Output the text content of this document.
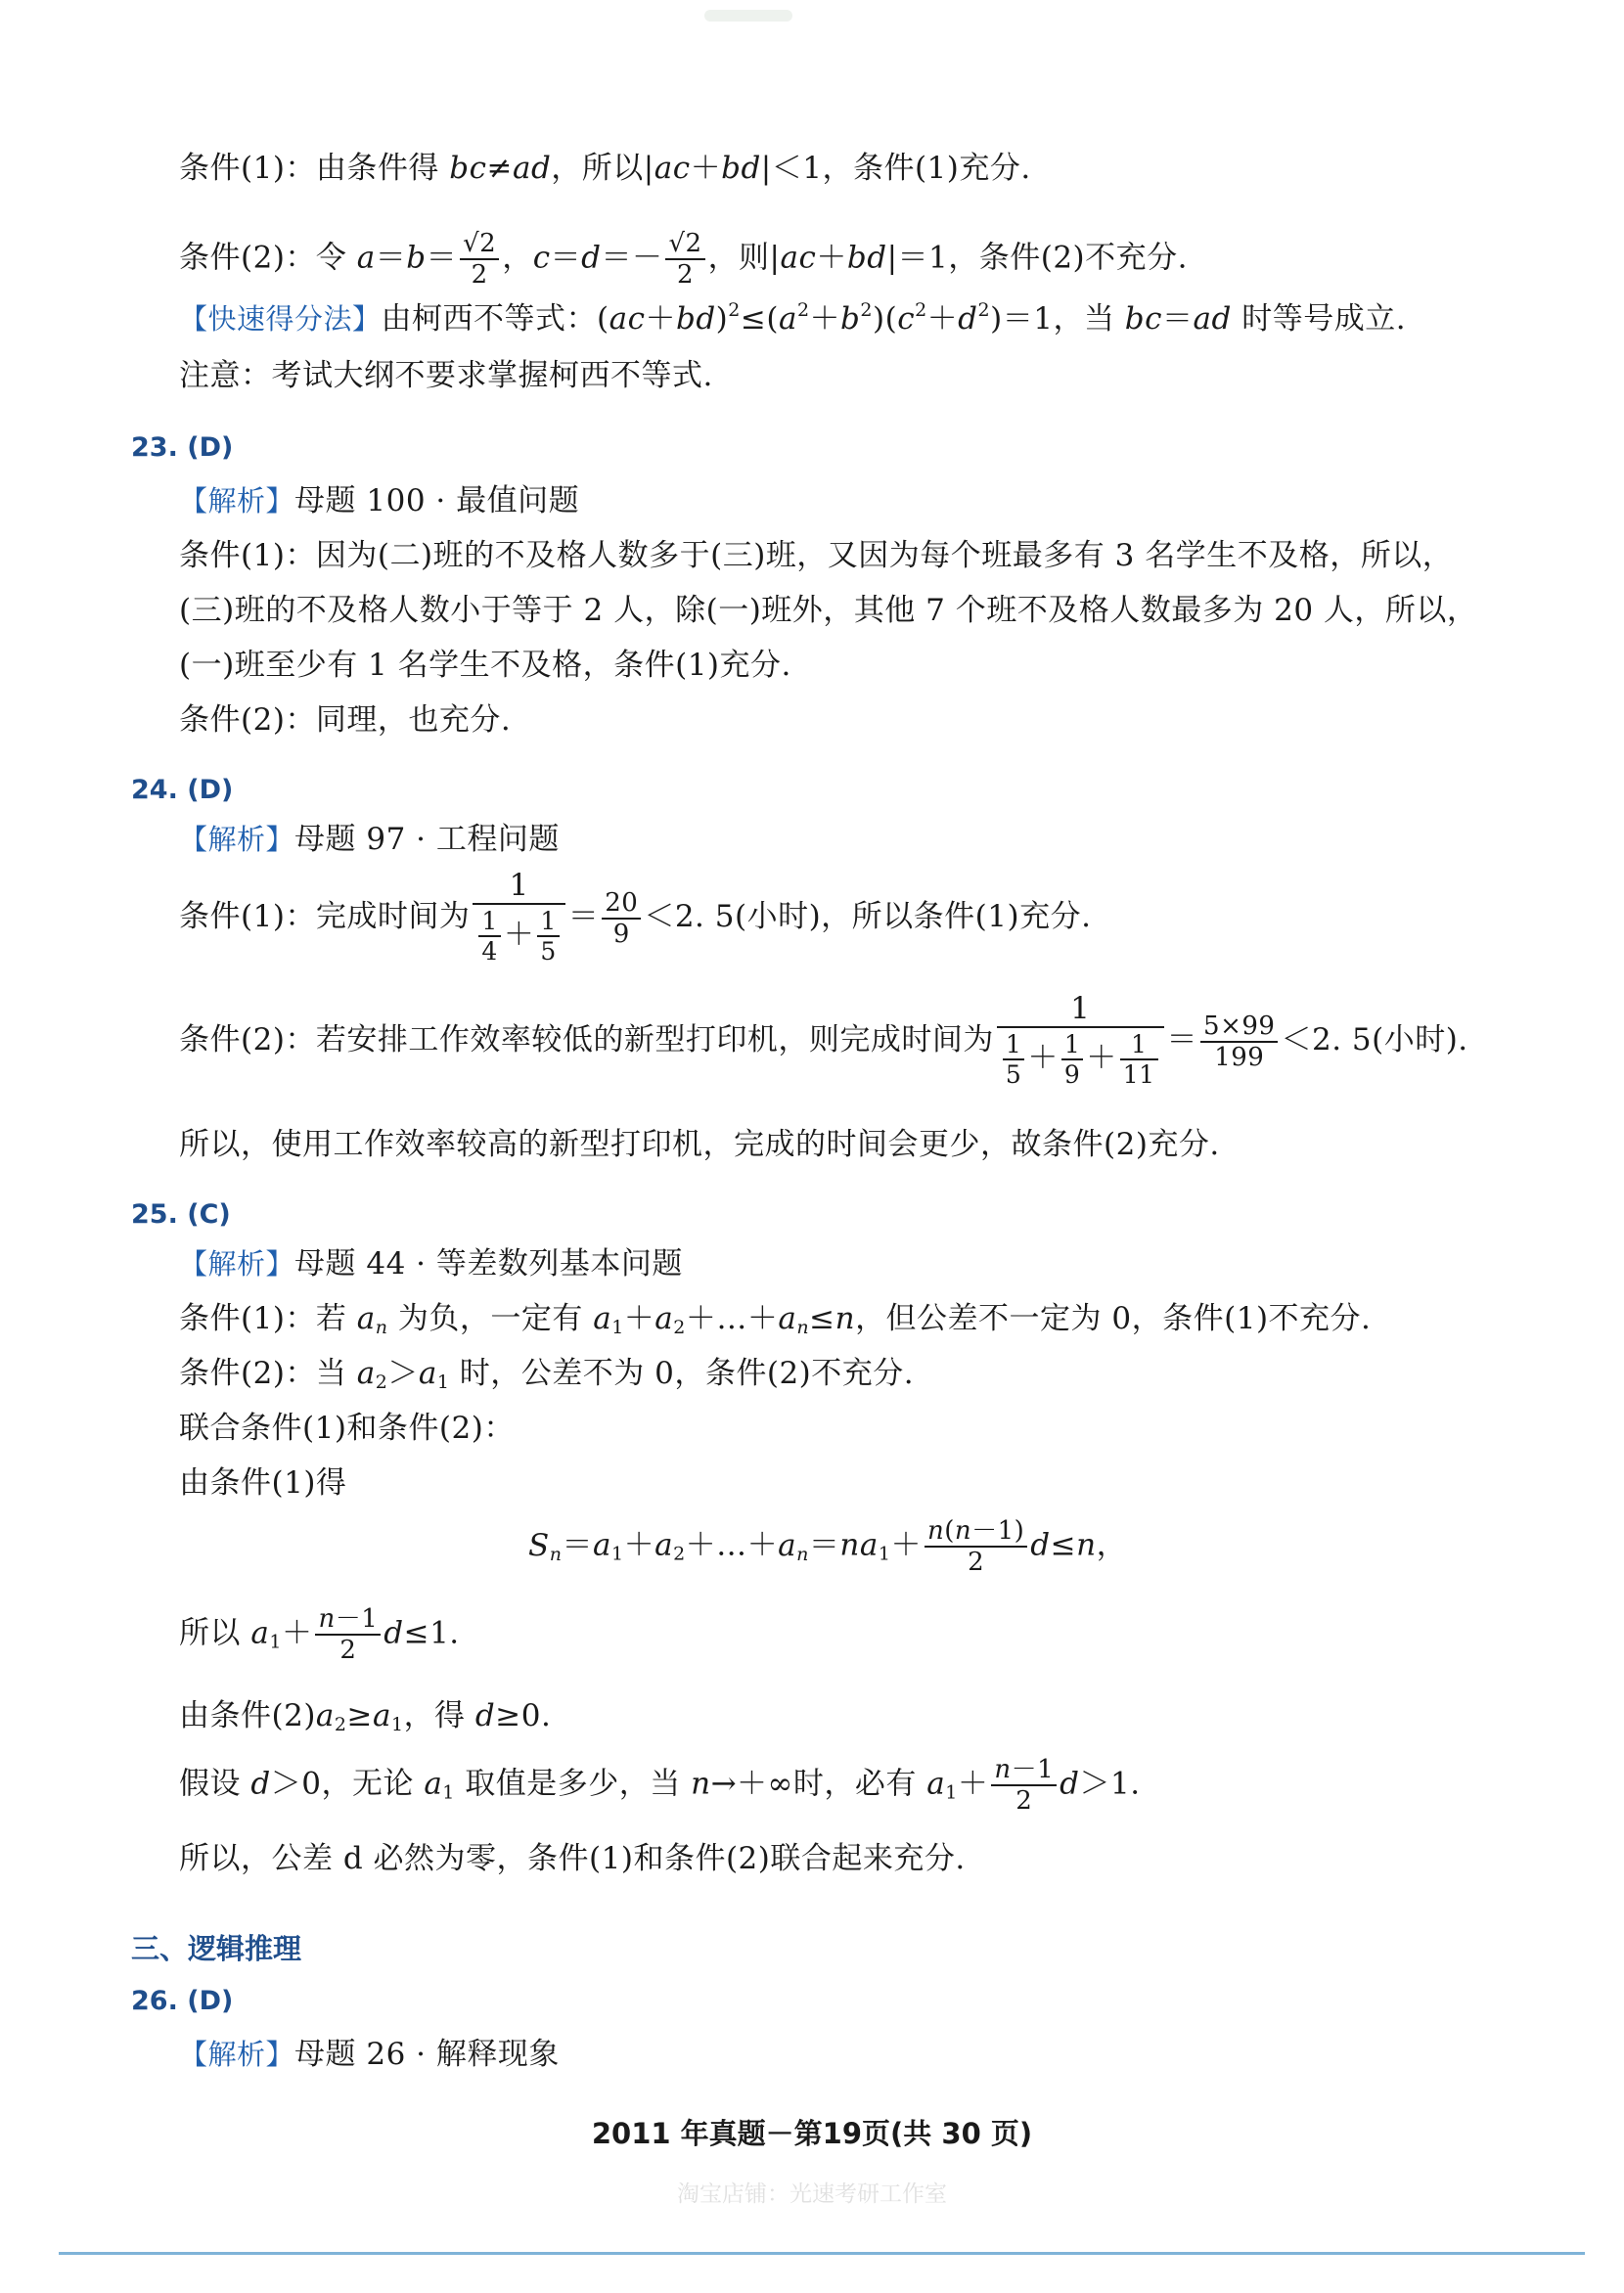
条件(1)：由条件得 bc≠ad，所以|ac＋bd|＜1，条件(1)充分.
条件(2)：令 $a=b= \frac{√2}{2}$ ，$c=d=- \frac{√2}{2}$ ，则|ac＋bd|＝1，条件(2)不充分.
【快速得分法】由柯西不等式：$(ac+bd)^2\le(a^2+b^2)(c^2+d^2)=1$，当 bc＝ad 时等号成立.
注意：考试大纲不要求掌握柯西不等式.
23. (D)
【解析】母题 100 · 最值问题
条件(1)：因为(二)班的不及格人数多于(三)班，又因为每个班最多有 3 名学生不及格，所以，
(三)班的不及格人数小于等于 2 人，除(一)班外，其他 7 个班不及格人数最多为 20 人，所以，
(一)班至少有 1 名学生不及格，条件(1)充分.
条件(2)：同理，也充分.
24. (D)
【解析】母题 97 · 工程问题
条件(1)：完成时间为 $\frac{1}{\frac{1}{4} + \frac{1}{5}} = \frac{20}{9} <2$. 5(小时)，所以条件(1)充分.
条件(2)：若安排工作效率较低的新型打印机，则完成时间为 $\frac{1}{\frac{1}{5} + \frac{1}{9} + \frac{1}{11}} = \frac{5\times 99}{199} <2$. 5(小时).
所以，使用工作效率较高的新型打印机，完成的时间会更少，故条件(2)充分.
25. (C)
【解析】母题 44 · 等差数列基本问题
条件(1)：若 $a_n$ 为负，一定有 $a_1+a_2+\dots+a_n\le n$，但公差不一定为 0，条件(1)不充分.
条件(2)：当 $a_2>a_1$ 时，公差不为 0，条件(2)不充分.
联合条件(1)和条件(2)：
由条件(1)得
$S_n=a_1+a_2+\dots+a_n=na_1+ \frac{n(n-1)}{2} d\le n$，
所以 $a_1+ \frac{n-1}{2} d\le 1$.
由条件$(2)a_2\ge a_1$，得 d≥0.
假设 d＞0，无论 $a_1$ 取值是多少，当 n→＋∞时，必有 $a_1+ \frac{n-1}{2} d>1$.
所以，公差 d 必然为零，条件(1)和条件(2)联合起来充分.
三、逻辑推理
26. (D)
【解析】母题 26 · 解释现象
2011 年真题－第19页(共 30 页)
淘宝店铺：光速考研工作室
